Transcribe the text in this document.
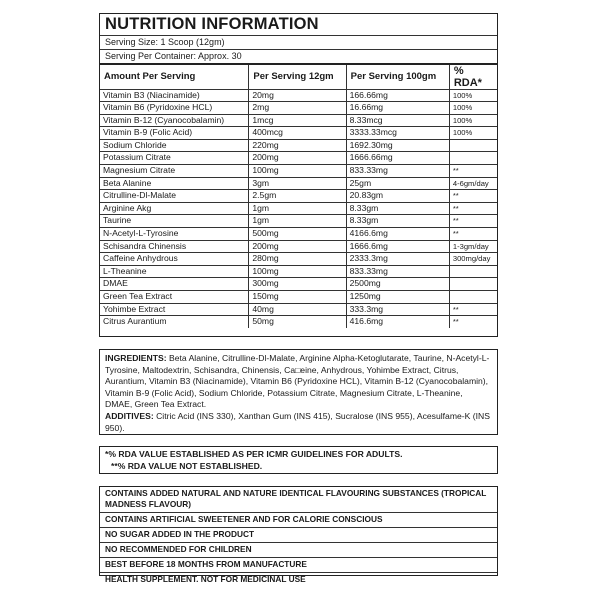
NUTRITION INFORMATION
Serving Size: 1 Scoop (12gm)
Serving Per Container: Approx. 30
Amount Per Serving	Per Serving 12gm	Per Serving 100gm	% RDA*
Vitamin B3 (Niacinamide)	20mg	166.66mg	100%
Vitamin B6 (Pyridoxine HCL)	2mg	16.66mg	100%
Vitamin B-12 (Cyanocobalamin)	1mcg	8.33mcg	100%
Vitamin B-9 (Folic Acid)	400mcg	3333.33mcg	100%
Sodium Chloride	220mg	1692.30mg	
Potassium Citrate	200mg	1666.66mg	
Magnesium Citrate	100mg	833.33mg	**
Beta Alanine	3gm	25gm	4-6gm/day
Citrulline-Dl-Malate	2.5gm	20.83gm	**
Arginine Akg	1gm	8.33gm	**
Taurine	1gm	8.33gm	**
N-Acetyl-L-Tyrosine	500mg	4166.6mg	**
Schisandra Chinensis	200mg	1666.6mg	1-3gm/day
Caffeine Anhydrous	280mg	2333.3mg	300mg/day
L-Theanine	100mg	833.33mg	
DMAE	300mg	2500mg	
Green Tea Extract	150mg	1250mg	
Yohimbe Extract	40mg	333.3mg	**
Citrus Aurantium	50mg	416.6mg	**
INGREDIENTS: Beta Alanine, Citrulline-Dl-Malate, Arginine Alpha-Ketoglutarate, Taurine, N-Acetyl-L-Tyrosine, Maltodextrin, Schisandra, Chinensis, Ca□eine, Anhydrous, Yohimbe Extract, Citrus, Aurantium, Vitamin B3 (Niacinamide), Vitamin B6 (Pyridoxine HCL), Vitamin B-12 (Cyanocobalamin), Vitamin B-9 (Folic Acid), Sodium Chloride, Potassium Citrate, Magnesium Citrate, L-Theanine, DMAE, Green Tea Extract.
ADDITIVES: Citric Acid (INS 330), Xanthan Gum (INS 415), Sucralose (INS 955), Acesulfame-K (INS 950).
*% RDA VALUE ESTABLISHED AS PER ICMR GUIDELINES FOR ADULTS.
**% RDA VALUE NOT ESTABLISHED.
CONTAINS ADDED NATURAL AND NATURE IDENTICAL FLAVOURING SUBSTANCES (TROPICAL MADNESS FLAVOUR)
CONTAINS ARTIFICIAL SWEETENER AND FOR CALORIE CONSCIOUS
NO SUGAR ADDED IN THE PRODUCT
NO RECOMMENDED FOR CHILDREN
BEST BEFORE 18 MONTHS FROM MANUFACTURE
HEALTH SUPPLEMENT. NOT FOR MEDICINAL USE
